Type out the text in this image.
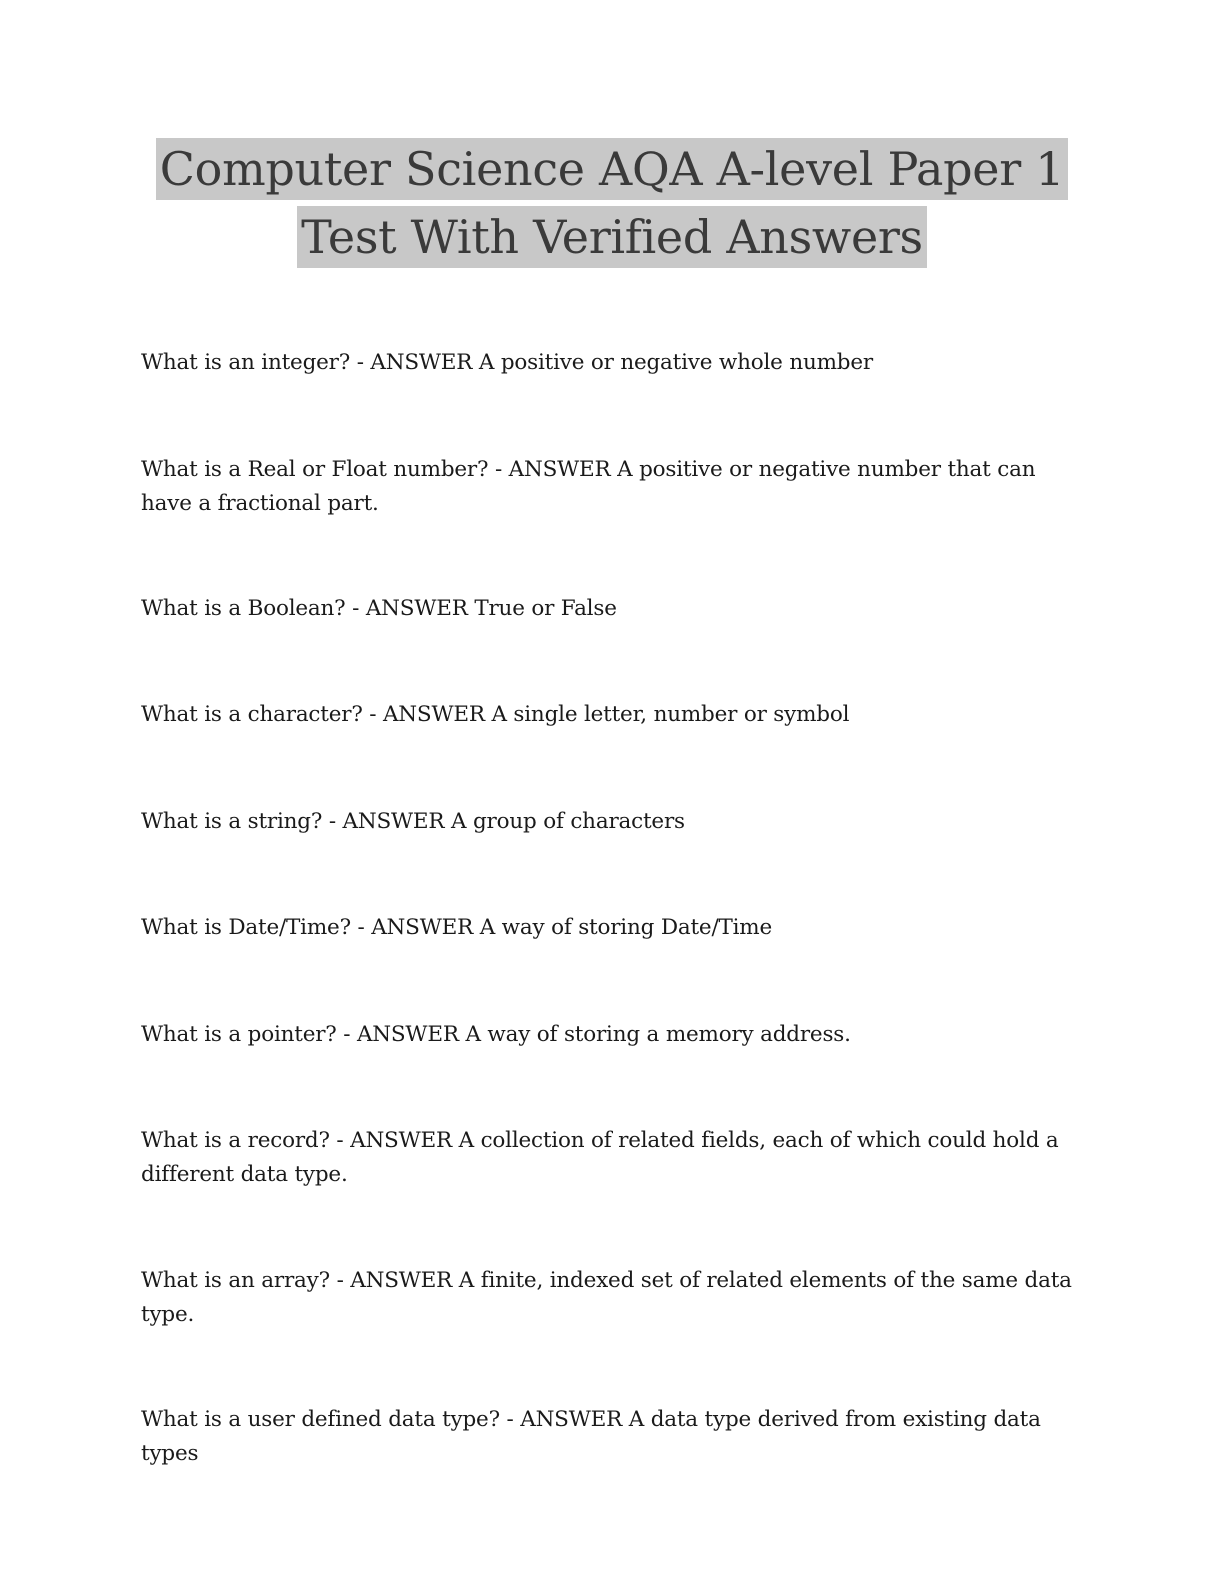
Computer Science AQA A-level Paper 1
Test With Verified Answers
What is an integer? - ANSWER A positive or negative whole number
What is a Real or Float number? - ANSWER A positive or negative number that can have a fractional part.
What is a Boolean? - ANSWER True or False
What is a character? - ANSWER A single letter, number or symbol
What is a string? - ANSWER A group of characters
What is Date/Time? - ANSWER A way of storing Date/Time
What is a pointer? - ANSWER A way of storing a memory address.
What is a record? - ANSWER A collection of related fields, each of which could hold a different data type.
What is an array? - ANSWER A finite, indexed set of related elements of the same data type.
What is a user defined data type? - ANSWER A data type derived from existing data types
